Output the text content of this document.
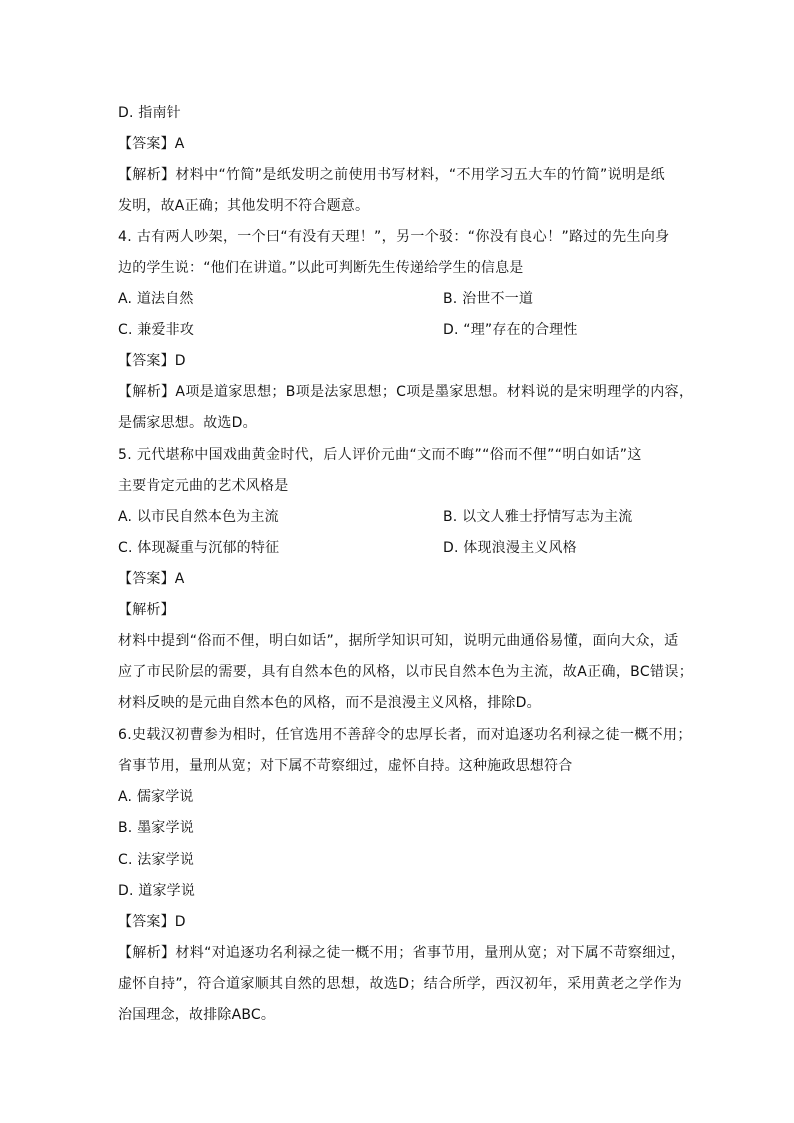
D. 指南针
【答案】A
【解析】材料中“竹简”是纸发明之前使用书写材料，“不用学习五大车的竹简”说明是纸
发明，故A正确；其他发明不符合题意。
4. 古有两人吵架，一个曰“有没有天理！”，另一个驳：“你没有良心！”路过的先生向身
边的学生说：“他们在讲道。”以此可判断先生传递给学生的信息是
A. 道法自然	B. 治世不一道
C. 兼爱非攻	D. “理”存在的合理性
【答案】D
【解析】A项是道家思想；B项是法家思想；C项是墨家思想。材料说的是宋明理学的内容，
是儒家思想。故选D。
5. 元代堪称中国戏曲黄金时代，后人评价元曲“文而不晦”“俗而不俚”“明白如话”这
主要肯定元曲的艺术风格是
A. 以市民自然本色为主流	B. 以文人雅士抒情写志为主流
C. 体现凝重与沉郁的特征	D. 体现浪漫主义风格
【答案】A
【解析】
材料中提到“俗而不俚，明白如话”，据所学知识可知，说明元曲通俗易懂，面向大众，适
应了市民阶层的需要，具有自然本色的风格，以市民自然本色为主流，故A正确，BC错误；
材料反映的是元曲自然本色的风格，而不是浪漫主义风格，排除D。
6.史载汉初曹参为相时，任官选用不善辞令的忠厚长者，而对追逐功名利禄之徒一概不用；
省事节用，量刑从宽；对下属不苛察细过，虚怀自持。这种施政思想符合
A. 儒家学说
B. 墨家学说
C. 法家学说
D. 道家学说
【答案】D
【解析】材料“对追逐功名利禄之徒一概不用；省事节用，量刑从宽；对下属不苛察细过，
虚怀自持”，符合道家顺其自然的思想，故选D；结合所学，西汉初年，采用黄老之学作为
治国理念，故排除ABC。
